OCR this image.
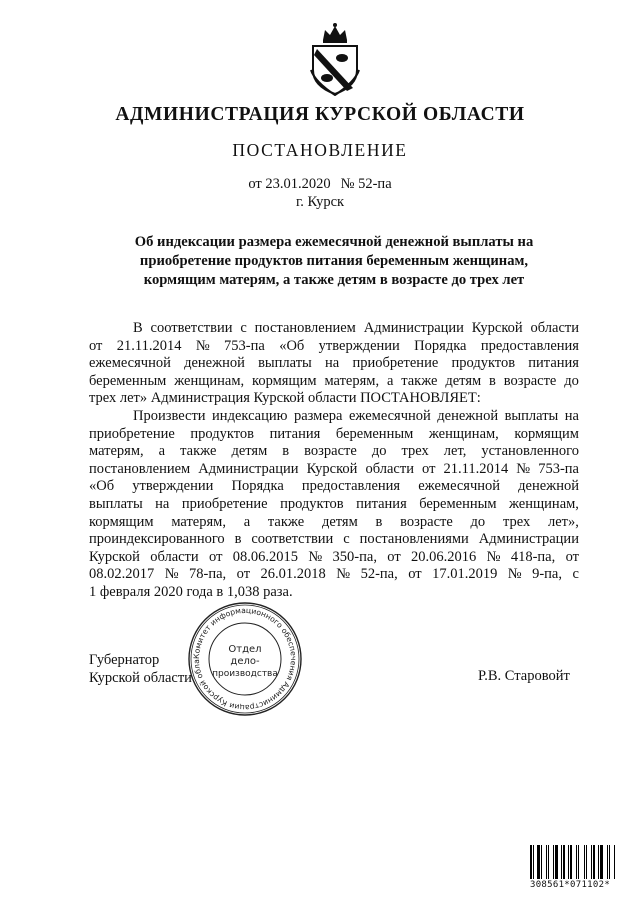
АДМИНИСТРАЦИЯ КУРСКОЙ ОБЛАСТИ
ПОСТАНОВЛЕНИЕ
от 23.01.2020 № 52-па
г. Курск
Об индексации размера ежемесячной денежной выплаты на
приобретение продуктов питания беременным женщинам,
кормящим матерям, а также детям в возрасте до трех лет
В соответствии с постановлением Администрации Курской области
от 21.11.2014 № 753-па «Об утверждении Порядка предоставления
ежемесячной денежной выплаты на приобретение продуктов питания
беременным женщинам, кормящим матерям, а также детям в возрасте до
трех лет» Администрация Курской области ПОСТАНОВЛЯЕТ:
Произвести индексацию размера ежемесячной денежной выплаты на
приобретение продуктов питания беременным женщинам, кормящим
матерям, а также детям в возрасте до трех лет, установленного
постановлением Администрации Курской области от 21.11.2014 № 753-па
«Об утверждении Порядка предоставления ежемесячной денежной
выплаты на приобретение продуктов питания беременным женщинам,
кормящим матерям, а также детям в возрасте до трех лет»,
проиндексированного в соответствии с постановлениями Администрации
Курской области от 08.06.2015 № 350-па, от 20.06.2016 № 418-па, от
08.02.2017 № 78-па, от 26.01.2018 № 52-па, от 17.01.2019 № 9-па, с
1 февраля 2020 года в 1,038 раза.
Комитет информационного обеспечения Администрации Курской обла
Отдел
дело-
производства
Губернатор
Курской области	Р.В. Старовойт
308561*071102*
